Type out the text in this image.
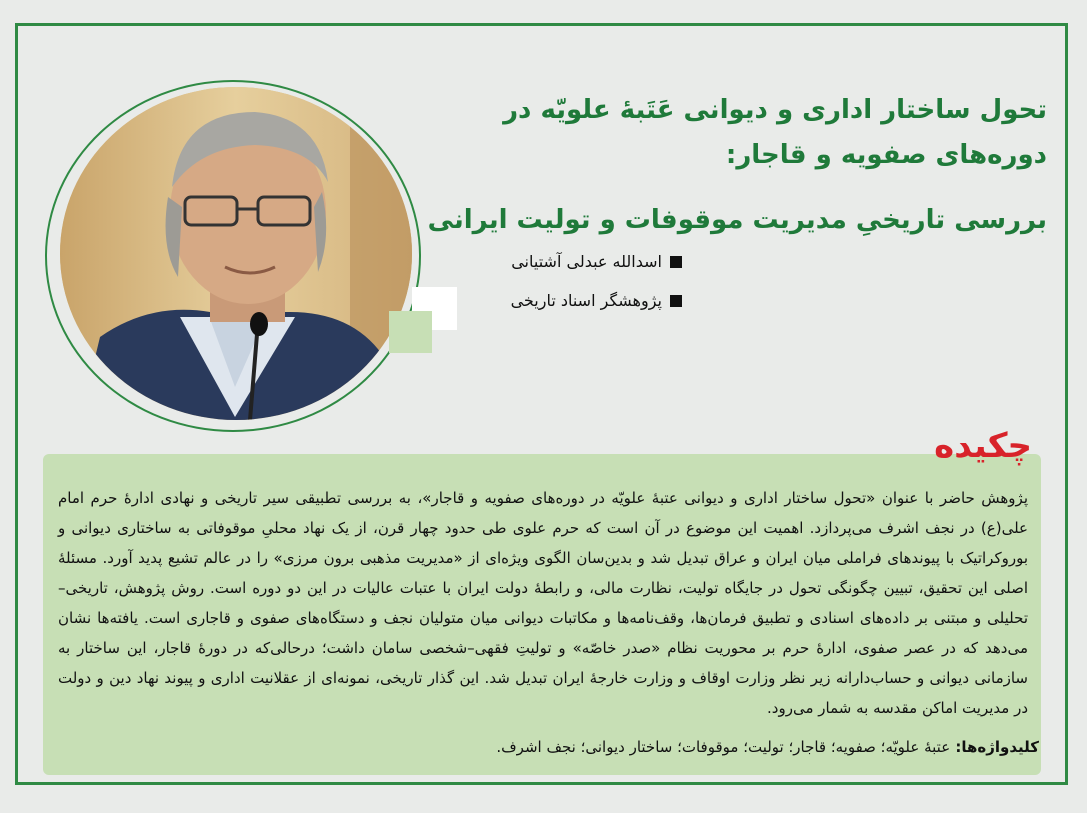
تحول ساختار اداری و دیوانی عَتَبهٔ علویّه در دوره‌های صفویه و قاجار:
بررسی تاریخیِ مدیریت موقوفات و تولیت ایرانی
اسدالله عبدلی آشتیانی
پژوهشگر اسناد تاریخی
چکیده
پژوهش حاضر با عنوان «تحول ساختار اداری و دیوانی عتبهٔ علویّه در دوره‌های صفویه و قاجار»، به بررسی تطبیقی سیر تاریخی و نهادی ادارهٔ حرم امام علی(ع) در نجف اشرف می‌پردازد. اهمیت این موضوع در آن است که حرم علوی طی حدود چهار قرن، از یک نهاد محلیِ موقوفاتی به ساختاری دیوانی و بوروکراتیک با پیوندهای فراملی میان ایران و عراق تبدیل شد و بدین‌سان الگوی ویژه‌ای از «مدیریت مذهبی برون مرزی» را در عالم تشیع پدید آورد. مسئلهٔ اصلی این تحقیق، تبیین چگونگی تحول در جایگاه تولیت، نظارت مالی، و رابطهٔ دولت ایران با عتبات عالیات در این دو دوره است. روش پژوهش، تاریخی–تحلیلی و مبتنی بر داده‌های اسنادی و تطبیق فرمان‌ها، وقف‌نامه‌ها و مکاتبات دیوانی میان متولیان نجف و دستگاه‌های صفوی و قاجاری است. یافته‌ها نشان می‌دهد که در عصر صفوی، ادارهٔ حرم بر محوریت نظام «صدر خاصّه» و تولیتِ فقهی–شخصی سامان داشت؛ درحالی‌که در دورهٔ قاجار، این ساختار به سازمانی دیوانی و حساب‌دارانه زیر نظر وزارت اوقاف و وزارت خارجهٔ ایران تبدیل شد. این گذار تاریخی، نمونه‌ای از عقلانیت اداری و پیوند نهاد دین و دولت در مدیریت اماکن مقدسه به شمار می‌رود.
کلیدواژه‌ها: عتبهٔ علویّه؛ صفویه؛ قاجار؛ تولیت؛ موقوفات؛ ساختار دیوانی؛ نجف اشرف.
